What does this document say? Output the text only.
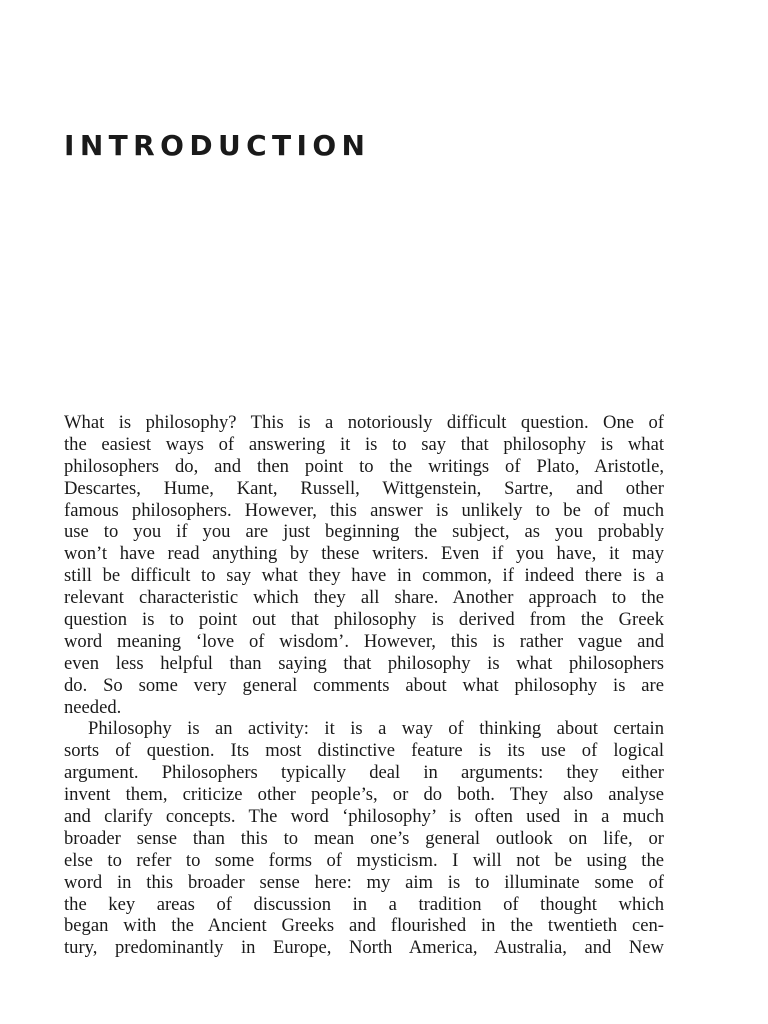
INTRODUCTION

What is philosophy? This is a notoriously difficult question. One of
the easiest ways of answering it is to say that philosophy is what
philosophers do, and then point to the writings of Plato, Aristotle,
Descartes, Hume, Kant, Russell, Wittgenstein, Sartre, and other
famous philosophers. However, this answer is unlikely to be of much
use to you if you are just beginning the subject, as you probably
won’t have read anything by these writers. Even if you have, it may
still be difficult to say what they have in common, if indeed there is a
relevant characteristic which they all share. Another approach to the
question is to point out that philosophy is derived from the Greek
word meaning ‘love of wisdom’. However, this is rather vague and
even less helpful than saying that philosophy is what philosophers
do. So some very general comments about what philosophy is are
needed.

Philosophy is an activity: it is a way of thinking about certain
sorts of question. Its most distinctive feature is its use of logical
argument. Philosophers typically deal in arguments: they either
invent them, criticize other people’s, or do both. They also analyse
and clarify concepts. The word ‘philosophy’ is often used in a much
broader sense than this to mean one’s general outlook on life, or
else to refer to some forms of mysticism. I will not be using the
word in this broader sense here: my aim is to illuminate some of
the key areas of discussion in a tradition of thought which
began with the Ancient Greeks and flourished in the twentieth cen-
tury, predominantly in Europe, North America, Australia, and New
